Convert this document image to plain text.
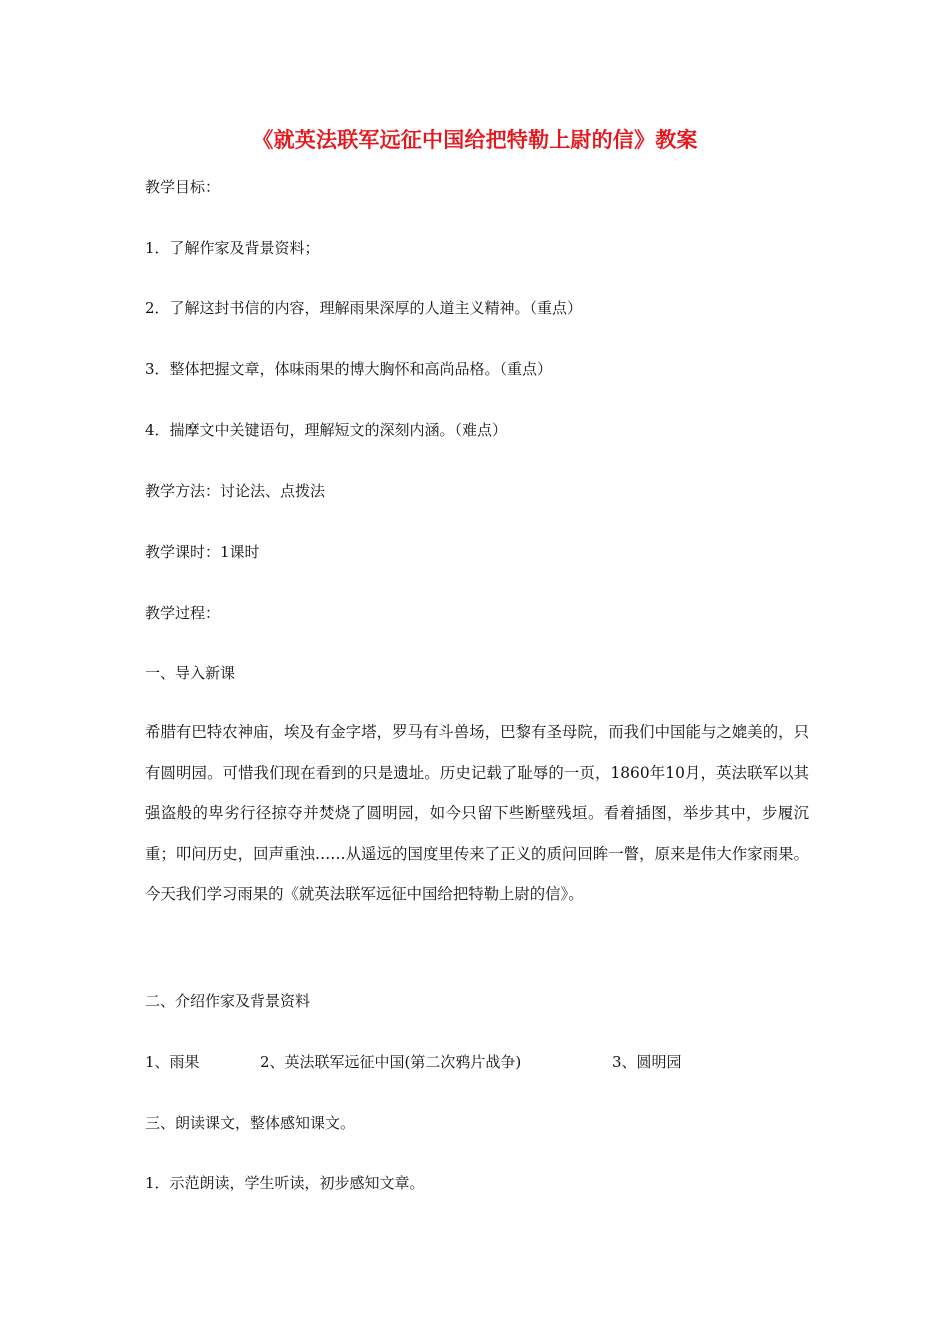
《就英法联军远征中国给把特勒上尉的信》教案
教学目标：
1．了解作家及背景资料；
2．了解这封书信的内容，理解雨果深厚的人道主义精神。（重点）
3．整体把握文章，体味雨果的博大胸怀和高尚品格。（重点）
4．揣摩文中关键语句，理解短文的深刻内涵。（难点）
教学方法：讨论法、点拨法
教学课时：1课时
教学过程：
一、导入新课
希腊有巴特农神庙，埃及有金字塔，罗马有斗兽场，巴黎有圣母院，而我们中国能与之媲美的，只有圆明园。可惜我们现在看到的只是遗址。历史记载了耻辱的一页，1860年10月，英法联军以其强盗般的卑劣行径掠夺并焚烧了圆明园，如今只留下些断壁残垣。看着插图，举步其中，步履沉重；叩问历史，回声重浊……从遥远的国度里传来了正义的质问回眸一瞥，原来是伟大作家雨果。今天我们学习雨果的《就英法联军远征中国给把特勒上尉的信》。
二、介绍作家及背景资料
1、雨果	2、英法联军远征中国(第二次鸦片战争)	3、圆明园
三、朗读课文，整体感知课文。
1．示范朗读，学生听读，初步感知文章。
